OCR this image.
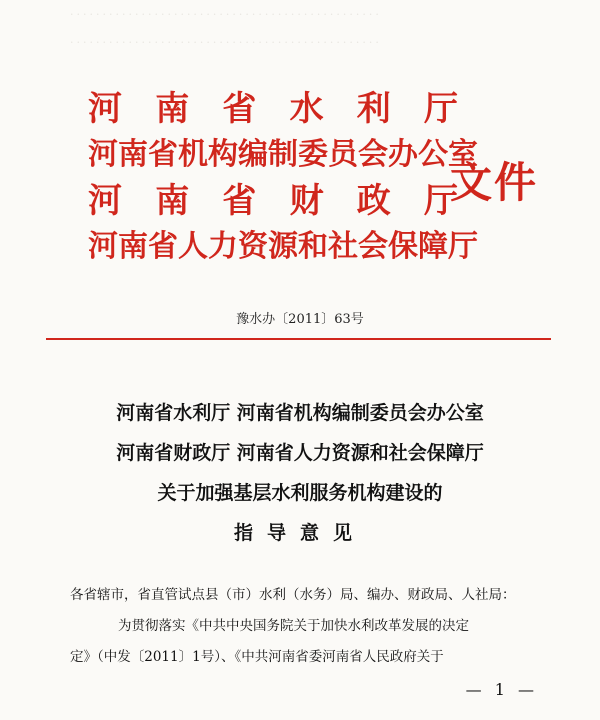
················································
················································
河南省水利厅
河南省机构编制委员会办公室
河南省财政厅
河南省人力资源和社会保障厅
文件
豫水办〔2011〕63号
河南省水利厅 河南省机构编制委员会办公室
河南省财政厅 河南省人力资源和社会保障厅
关于加强基层水利服务机构建设的
指导意见
各省辖市，省直管试点县（市）水利（水务）局、编办、财政局、人社局：
为贯彻落实《中共中央国务院关于加快水利改革发展的决定
定》（中发〔2011〕1号）、《中共河南省委河南省人民政府关于
— 1 —
